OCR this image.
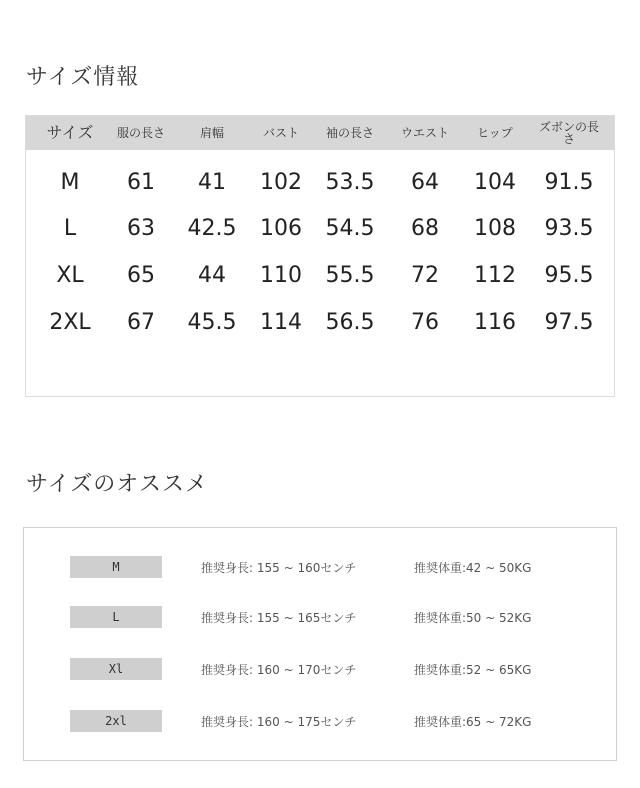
サイズ情報
サイズ	服の長さ	肩幅	バスト	袖の長さ	ウエスト	ヒップ	ズボンの長さ
M	61	41	102	53.5	64	104	91.5
L	63	42.5	106	54.5	68	108	93.5
XL	65	44	110	55.5	72	112	95.5
2XL	67	45.5	114	56.5	76	116	97.5
サイズのオススメ
M	推奨身長: 155 ~ 160センチ	推奨体重:42 ~ 50KG
L	推奨身長: 155 ~ 165センチ	推奨体重:50 ~ 52KG
Xl	推奨身長: 160 ~ 170センチ	推奨体重:52 ~ 65KG
2xl	推奨身長: 160 ~ 175センチ	推奨体重:65 ~ 72KG
